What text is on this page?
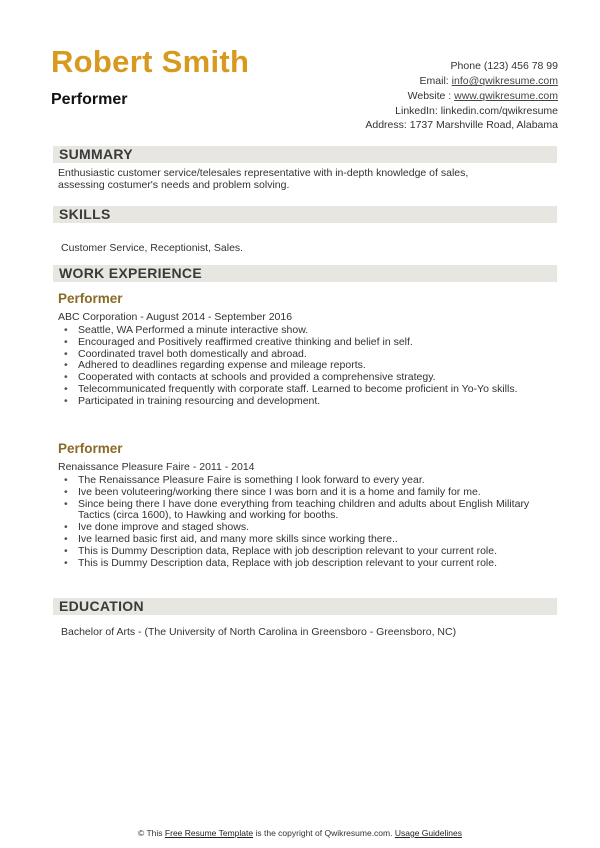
Robert Smith
Performer
Phone (123) 456 78 99
Email: info@qwikresume.com
Website : www.qwikresume.com
LinkedIn: linkedin.com/qwikresume
Address: 1737 Marshville Road, Alabama
SUMMARY
Enthusiastic customer service/telesales representative with in-depth knowledge of sales,
assessing costumer's needs and problem solving.
SKILLS
Customer Service, Receptionist, Sales.
WORK EXPERIENCE
Performer
ABC Corporation - August 2014 - September 2016
• Seattle, WA Performed a minute interactive show.
• Encouraged and Positively reaffirmed creative thinking and belief in self.
• Coordinated travel both domestically and abroad.
• Adhered to deadlines regarding expense and mileage reports.
• Cooperated with contacts at schools and provided a comprehensive strategy.
• Telecommunicated frequently with corporate staff. Learned to become proficient in Yo-Yo skills.
• Participated in training resourcing and development.
Performer
Renaissance Pleasure Faire - 2011 - 2014
• The Renaissance Pleasure Faire is something I look forward to every year.
• Ive been voluteering/working there since I was born and it is a home and family for me.
• Since being there I have done everything from teaching children and adults about English Military Tactics (circa 1600), to Hawking and working for booths.
• Ive done improve and staged shows.
• Ive learned basic first aid, and many more skills since working there..
• This is Dummy Description data, Replace with job description relevant to your current role.
• This is Dummy Description data, Replace with job description relevant to your current role.
EDUCATION
Bachelor of Arts - (The University of North Carolina in Greensboro - Greensboro, NC)
© This Free Resume Template is the copyright of Qwikresume.com. Usage Guidelines
